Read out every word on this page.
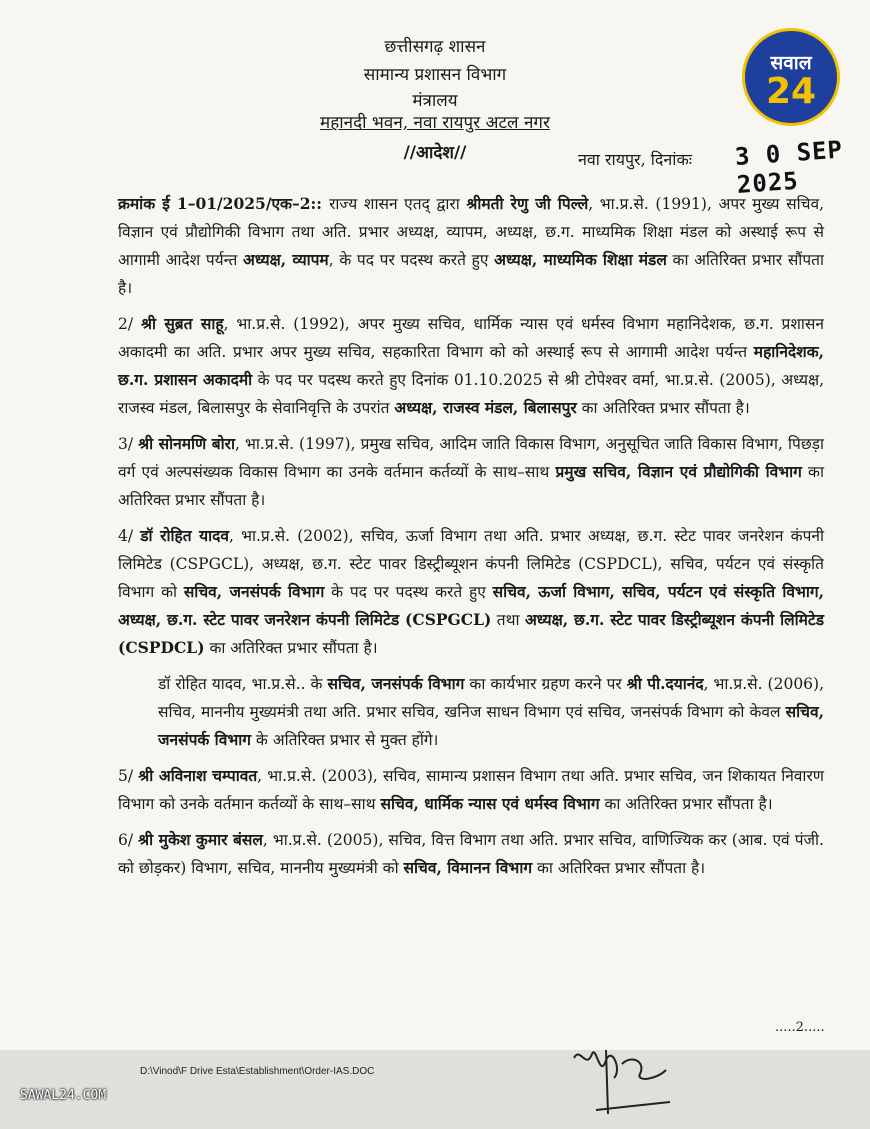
छत्तीसगढ़ शासन
सामान्य प्रशासन विभाग
मंत्रालय
महानदी भवन, नवा रायपुर अटल नगर
//आदेश//
सवाल
24
नवा रायपुर, दिनांकः 3 0 SEP 2025

क्रमांक ई 1–01/2025/एक–2:: राज्य शासन एतद् द्वारा श्रीमती रेणु जी पिल्ले, भा.प्र.से. (1991), अपर मुख्य सचिव, विज्ञान एवं प्रौद्योगिकी विभाग तथा अति. प्रभार अध्यक्ष, व्यापम, अध्यक्ष, छ.ग. माध्यमिक शिक्षा मंडल को अस्थाई रूप से आगामी आदेश पर्यन्त अध्यक्ष, व्यापम, के पद पर पदस्थ करते हुए अध्यक्ष, माध्यमिक शिक्षा मंडल का अतिरिक्त प्रभार सौंपता है।

2/ श्री सुब्रत साहू, भा.प्र.से. (1992), अपर मुख्य सचिव, धार्मिक न्यास एवं धर्मस्व विभाग महानिदेशक, छ.ग. प्रशासन अकादमी का अति. प्रभार अपर मुख्य सचिव, सहकारिता विभाग को को अस्थाई रूप से आगामी आदेश पर्यन्त महानिदेशक, छ.ग. प्रशासन अकादमी के पद पर पदस्थ करते हुए दिनांक 01.10.2025 से श्री टोपेश्वर वर्मा, भा.प्र.से. (2005), अध्यक्ष, राजस्व मंडल, बिलासपुर के सेवानिवृत्ति के उपरांत अध्यक्ष, राजस्व मंडल, बिलासपुर का अतिरिक्त प्रभार सौंपता है।

3/ श्री सोनमणि बोरा, भा.प्र.से. (1997), प्रमुख सचिव, आदिम जाति विकास विभाग, अनुसूचित जाति विकास विभाग, पिछड़ा वर्ग एवं अल्पसंख्यक विकास विभाग का उनके वर्तमान कर्तव्यों के साथ–साथ प्रमुख सचिव, विज्ञान एवं प्रौद्योगिकी विभाग का अतिरिक्त प्रभार सौंपता है।

4/ डॉ रोहित यादव, भा.प्र.से. (2002), सचिव, ऊर्जा विभाग तथा अति. प्रभार अध्यक्ष, छ.ग. स्टेट पावर जनरेशन कंपनी लिमिटेड (CSPGCL), अध्यक्ष, छ.ग. स्टेट पावर डिस्ट्रीब्यूशन कंपनी लिमिटेड (CSPDCL), सचिव, पर्यटन एवं संस्कृति विभाग को सचिव, जनसंपर्क विभाग के पद पर पदस्थ करते हुए सचिव, ऊर्जा विभाग, सचिव, पर्यटन एवं संस्कृति विभाग, अध्यक्ष, छ.ग. स्टेट पावर जनरेशन कंपनी लिमिटेड (CSPGCL) तथा अध्यक्ष, छ.ग. स्टेट पावर डिस्ट्रीब्यूशन कंपनी लिमिटेड (CSPDCL) का अतिरिक्त प्रभार सौंपता है।

डॉ रोहित यादव, भा.प्र.से.. के सचिव, जनसंपर्क विभाग का कार्यभार ग्रहण करने पर श्री पी.दयानंद, भा.प्र.से. (2006), सचिव, माननीय मुख्यमंत्री तथा अति. प्रभार सचिव, खनिज साधन विभाग एवं सचिव, जनसंपर्क विभाग को केवल सचिव, जनसंपर्क विभाग के अतिरिक्त प्रभार से मुक्त होंगे।

5/ श्री अविनाश चम्पावत, भा.प्र.से. (2003), सचिव, सामान्य प्रशासन विभाग तथा अति. प्रभार सचिव, जन शिकायत निवारण विभाग को उनके वर्तमान कर्तव्यों के साथ–साथ सचिव, धार्मिक न्यास एवं धर्मस्व विभाग का अतिरिक्त प्रभार सौंपता है।

6/ श्री मुकेश कुमार बंसल, भा.प्र.से. (2005), सचिव, वित्त विभाग तथा अति. प्रभार सचिव, वाणिज्यिक कर (आब. एवं पंजी. को छोड़कर) विभाग, सचिव, माननीय मुख्यमंत्री को सचिव, विमानन विभाग का अतिरिक्त प्रभार सौंपता है।

.....2.....
D:\Vinod\F Drive Esta\Establishment\Order-IAS.DOC
SAWAL24.COM
